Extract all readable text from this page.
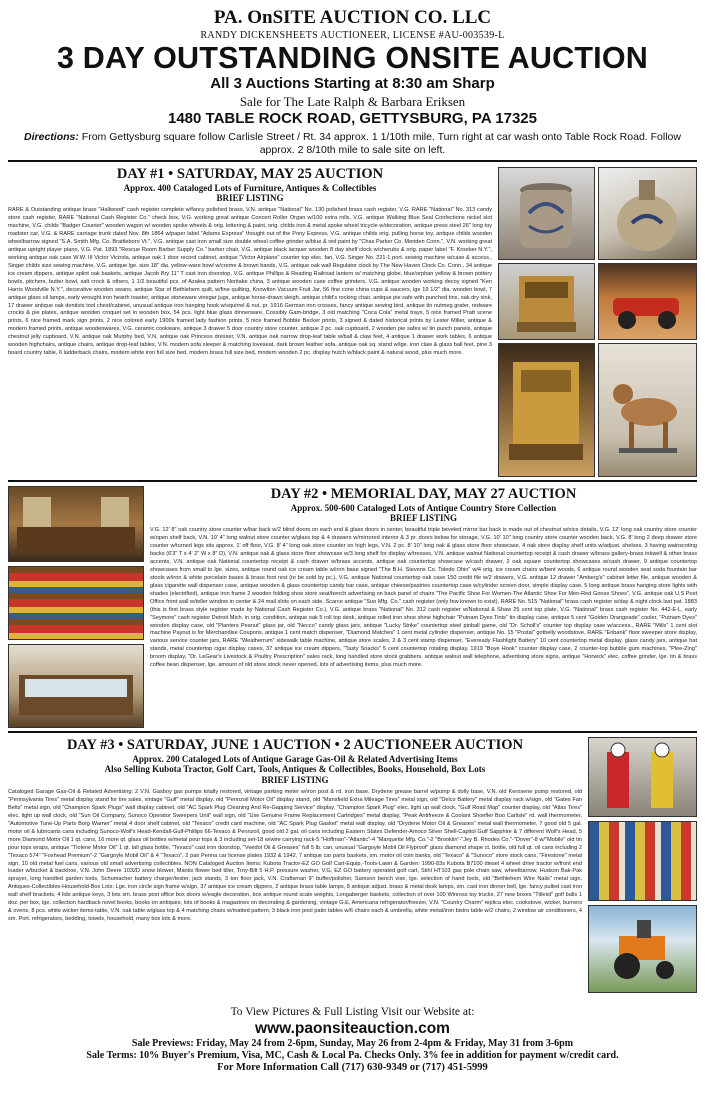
PA. OnSITE AUCTION CO. LLC
RANDY DICKENSHEETS AUCTIONEER, LICENSE #AU-003539-L
3 DAY OUTSTANDING ONSITE AUCTION
All 3 Auctions Starting at 8:30 am Sharp
Sale for The Late Ralph & Barbara Eriksen
1480 TABLE ROCK ROAD, GETTYSBURG, PA 17325
Directions: From Gettysburg square follow Carlisle Street / Rt. 34 approx. 1 1/10th mile. Turn right at car wash onto Table Rock Road. Follow approx. 2 8/10th mile to sale site on left.
DAY #1 • SATURDAY, MAY 25 AUCTION
Approx. 400 Cataloged Lots of Furniture, Antiques & Collectibles
BRIEF LISTING
RARE & Outstanding antique brass "Hallwood" cash register complete w/fancy polished brass, V.N. antique "National" No. 130 polished brass cash register, V.G. RARE "National" No. 313 candy store cash register, RARE "National Cash Register Co." check box, V.G. working great antique Concert Roller Organ w/100 extra rolls, V.G. antique Walking Blue Seal Confections nickel slot machine, V.G. childs "Badger Counter" wooden wagon w/ wooden spoke wheels & orig. lettering & paint, orig. childs iron & metal spoke wheel tricycle w/decoration, antique press steel 26" long toy roadster car, V.G. & RARE carriage trunk dated Nov. 8th 1864 w/paper label "Adams Express" thought out of the Pony Express, V.G. antique childs orig. pulling horse toy, antique childs wooden wheelbarrow signed "S.A. Smith Mfg. Co. Brattleboro Vt.", V.G. antique cast iron small size double wheel coffee grinder w/blue & red paint by "Chas Parker Co. Meriden Conn.", V.N. working great antique upright player piano, V.G. Pat. 1893 "Rescue Room Barber Supply Co." barber chair, V.G. antique black lacquer wooden 8 day shelf clock w/cherubs & orig. paper label "F. Kroeber N.Y.", working antique oak case W.W. III Victor Victrola, antique oak 1 door record cabinet, antique "Victor Airplane" counter top elec. fan, V.G. Singer No. 221-1 port. sewing machine w/case & access., Singer childs size sewing machine, V.G. antique lge. size 18" dia. yellow-ware bowl w/creme & brown bands, V.G. antique oak wall Regulator clock by The New Haven Clock Co. Conn., 34 antique ice cream dippers, antique splint oak baskets, antique Jacob Bry 11" T cast iron doorstop, V.G. antique Phillips & Reading Railroad lantern w/ matching globe, blue/orphan yellow & brown pottery bowls, pitchers, butter bowl, salt crock & others, 1 1/2 beautiful pcs. of Azalea pattern Noritake china, 3 antique wooden case coffee grinders, V.G. antique wooden working decoy signed "Ken Harris Woodville N.Y.", decorative wooden swans, antique Star of Bethlehem quilt, w/fine quilting, Knowlton Vacuum Fruit Jar, 56 fine cone china cups & saucers, lge 19 1/2" dia. wooden bowl, 7 antique glass oil lamps, early wrought iron hearth toaster, antique stoneware vinegar jugs, antique horse-drawn sleigh, antique child's rocking chair, antique pie safe with punched tins, oak dry sink, 17 drawer antique oak dentists tool chest/cabinet, unusual antique iron hanging hook w/squirrel & nut, pr. 1916 German iron crosses, fancy antique sewing bird, antique tin nutmeg grater, redware crocks & pie plates, antique wooden croquet set in wooden box, 54 pcs. light blue glass dinnerware, Cossibly Gam-bridge, 3 old matching "Coca Cola" metal trays, 5 nice framed Pratt scene prints, 6 nice framed mark sign prints, 2 nice colored early 1900s framed lady fashion prints, 5 nice framed Bobbie Becker prints, 3 signed & dated historical prints by Lester Miller, antique & modern framed prints, antique woodenwares, V.G. ceramic cookware, antique 3 drawer 5 door country store counter, antique 2 pc. oak cupboard, 2 wooden pie safes w/ tin punch panels, antique chestnut jelly cupboard, V.N. antique oak Murphy bed, V.N. antique oak Princess dresser, V.N. antique oak narrow drop-leaf table w/ball & claw feet, 4 antique 1 drawer work tables, 6 antique wooden highchairs, antique chairs, antique drop-leaf tables, V.N. modern sofa sleeper & matching loveseat, dark brown leather sofa, antique oak sq. stand w/lge. iron claw & glass ball feet, pine 3 board country table, 6 ladderback chairs, modern white iron full size bed, modern brass full size bed, modern wooden 2 pc. display hutch w/black paint & natural wood, plus much more.
DAY #2 • MEMORIAL DAY, MAY 27 AUCTION
Approx. 500-600 Cataloged Lots of Antique Country Store Collection
BRIEF LISTING
V.G. 12' 8" oak country store counter w/bar back w/2 blind doors on each end & glass doors in center, beautiful triple beveled mirror bar back is made out of chestnut w/nice details, V.G. 12' long oak country store counter w/open shelf back, V.N. 10' 4" long walnut store counter w/glass top & 4 drawers w/mirrored interior & 3 pr. doors below for storage, V.G. 10' 10" long country store counter wooden back, V.G. 8' long 2 deep drawer store counter w/turned legs sits approx. 1' off floor, V.G. 8' 4" long oak store counter on high legs, V.N. 2 pc. 8' 10" long oak & glass store floor showcase, 4 oak store display shelf units w/adjust. shelves, 3 having wainscoting backs (6'3" T x 4' 2" W x 8" D), V.N. antique oak & glass store floor showcase w/3 long shelf for display w/tresses, V.N. antique walnut National countertop receipt & cash drawer w/brass gallery-brass inkwell & other brass accents, V.N. antique oak National countertop receipt & cash drawer w/brass accents, antique oak countertop showcase w/cash drawer, 2 oak square countertop showcases w/cash drawer, 9 antique countertop showcases from small to lge. sizes, antique round oak ice cream table w/iron base signed "The B.H. Stevens Co. Toledo Ohio" w/4 orig. ice cream chairs w/bent woods, 6 antique round wooden seat soda fountain bar stools w/iron & white porcelain bases & brass foot rest (to be sold by pc.), V.G. antique National countertop oak case 150 credit file w/2 drawers, V.G. antique 12 drawer "Amberg's" cabinet letter file, antique wooden & glass cigarette wall dispenser case, antique wooden & glass countertop candy bar case, antique cheese/pastries countertop case w/cylinder screen door, simple display case, 5 long antique brass hanging store lights with shades (electrified), antique iron frame 2 wooden folding shoe store seat/bench advertising on back panel of chairs "The Pacific Shoe For Women-The Atlantic Shoe For Men-Red Goose Shoes", V.G. antique oak U.S Post Office front wall w/teller window in center & 24 mail slots on each side, Scarce antique "Sun Mfg. Co." cash register (only few known to exist), RARE No. 515 "National" brass cash register w/day & night clock last pat. 1883 (this is first brass style register made by National Cash Register Co.), V.G. antique brass "National" No. 312 cash register w/National & Shaw 25 cent top plate, V.G. "National" brass cash register No. 442-E-L, early "Seymore" cash register Detroit Mich. in orig. condition, antique oak 5 roll top desk, antique rolled iron shoe shine highchair "Putnam Dyes Tints" tin display case, antique 5 cent "Golden Orangeade" cooler, "Putnam Dyes" wooden display case, old "Planters Peanut" glass jar, old "Necco" candy glass jars, antique "Lucky Strike" countertop steel pinball game, old "Dr. Scholl's" counter top display case w/access., RARE "Mills" 1 cent slot machine Payout is for Merchandise Coupons, antique 1 cent match dispenser, "Diamond Matches" 1 cent metal cylinder dispenser, antique No. 15 "Postal" gotbelly woodstove, RARE "Enbank" floor sweeper store display, various service counter jars, RARE "Weatherrum" sidewalk table machine, antique store scales, 2 & 3 cent stamp dispenser, "Eveready Flashlight Battery" 10 cent countertop metal display, glass candy jars, antique hat stands, metal countertop cigar display cases, 37 antique ice cream dippers, "Tasty Snacks" 5 cent countertop rotating display, 1919 "Boye Hook" counter display case, 2 counter-top bubble gum machines, "Plee-Zing" broom display, "Dr. LeGear's Livestock & Poultry Prescription" sales rack, long handled store stock grabbers, antique walnut wall telephone, advertising store signs, antique "Horwick" elec. coffee grinder, lge. tin & brass coffee bean dispenser, lge. amount of old store stock never opened, lots of advertising items, plus much more.
DAY #3 • SATURDAY, JUNE 1 AUCTION • 2 AUCTIONEER AUCTION
Approx. 200 Cataloged Lots of Antique Garage Gas-Oil & Related Advertising Items
Also Selling Kubota Tractor, Golf Cart, Tools, Antiques & Collectibles, Books, Household, Box Lots
BRIEF LISTING
Cataloged Garage Gas-Oil & Related Advertising: 2 V.N. Gasboy gas pumps totally restored, vintage parking meter w/iron post & rd. iron base, Drydene grease barrel w/pump & dolly base, V.N. old Kerosene pump restored, old "Pennsylvania Tires" metal display stand for tire sales, vintage "Gulf" metal display, old "Pennzoil Motor Oil" display stand, old "Mansfield Extra Mileage Tires" metal sign, old "Delco Battery" metal display rack w/sign, old "Gates Fan Belts" metal sign, old "Champion Spark Plugs" wall display cabinet, old "AC Spark Plug Cleaning And Re-Gapping Service" display, "Champion Spark Plug" elec. light up wall clock, "Gulf Road Map" counter display, old "Atlas Tires" elec. light up wall clock, old "Sun Oil Company, Sunoco Operator Sweepers Unit" wall sign, old "Use Genuine Frame Replacement Cartridges" metal display, "Peak Antifreeze & Coolant Shoefler Boo Carlisle" rd. wall thermometer, "Automotive Tune-Up Parts Borg Warner" metal 4 door shelf cabinet, old "Texaco" credit card machine, old "AC Spark Plug Gasket" metal wall display, old "Drydene Motor Oil & Greases" metal wall thermometer, 7 good old 5 gal. motor oil & lubricants cans including Sunoco-Wolf's Head-Kendall-Gulf-Phillips 66-Texaco & Pennzoil, good old 2 gal. oil cans including Eastern States Defender-Amoco Silver Shell-Capitol Gulf Sapphire & 7 different Wolf's Head, 5 more Diamond Motor Oil 1 qt. cans, 16 more qt. glass oil bottles w/metal pour tops & 3 including set-18 w/wire carrying rack-5 "Hoffman"-"Atlantic"-4 "Marquette Mfg. Co."-2 "Brooklin"-"Jey B. Rhodes Co."-"Dover"-8 w/"Mobile" old tin pour tops wraps, antique "Tiolene Motor Oil" 1 qt. tall glass bottle, "Texaco" cast iron doorstop, "Veedol Oil & Greases" full 5 lb. can, unusual "Gargoyle Mobil Oil Flyproof" glass diamond shape ct. bottle, old full qt. oil cans including 2 "Texaco 574" "Foxhead Premium"-2 "Gargoyle Mobil Oil" & 4 "Texaco", 2 pair Penna car license plates 1932 & 1942, 7 antique car parts baskets, sm. motor oil coin banks, old "Texaco" & "Sunoco" store stock cans, "Firestone" metal sign, 10 old metal fuel cans, various old small advertising collectibles. NON Cataloged Auction Items: Kubota Tractor-EZ GO Golf Cart-Equip.-Tools-Lawn & Garden: 1990-83s Kubota B7100 diesel 4 wheel drive tractor w/front end loader w/bucket & backhoe, V.N. John Deere 1032D snow blower, Mantis flower bed tiller, Troy-Bilt 5 H.P. pressure washer, V.G. EZ GO battery operated golf cart, Stihl HT103 gas pole chain saw, wheelbarrow, Hudson Bak-Pak sprayer, long handled garden tools, Schumacher battery charger/tester, jack stands, 3 ton floor jack, V.N. Craftsman 9" buffer/polisher, Samson bench vise, lge. selection of hand tools, old "Bethlehem Wire Nails" metal sign. Antiques-Collectibles-Household-Box Lots: Lge. iron circle sign frame w/sign, 37 antique ice cream dippers, 2 antique brass table lamps, 8 antique adjust. brass & metal desk lamps, sm. cast iron dinner bell, lge. fancy pulled cast iron wall shelf brackets, 4 lids antique keys, 3 lots sm. brass post office box doors w/eagle decoration, box antique round scale weights, Longaberger baskets, collection of over 100 Winross toy trucks, 27 new boxes "Titleist" golf balls 1 doz. per box, lge. collection hardback novel books, books on antiques, lots of books & magazines on decorating & gardening, vintage G.E. Americana refrigerator/freezer, V.N. "Country Charm" replica elec. cookstove, wicker, burners & ovens, 8 pcs. white wicker items-table, V.N. oak table w/glass top & 4 matching chairs w/matted pattern, 3 black iron pool patio tables w/6 chairs each & umbrella, white metal/iron bistro table w/2 chairs, 2 window air conditioners, 4 sm. Port. refrigerators, bedding, towels, household, many box lots & more.
To View Pictures & Full Listing Visit our Website at:
www.paonsiteauction.com
Sale Previews: Friday, May 24 from 2-6pm, Sunday, May 26 from 2-4pm & Friday, May 31 from 3-6pm
Sale Terms: 10% Buyer's Premium, Visa, MC, Cash & Local Pa. Checks Only. 3% fee in addition for payment w/credit card.
For More Information Call (717) 630-9349 or (717) 451-5999
